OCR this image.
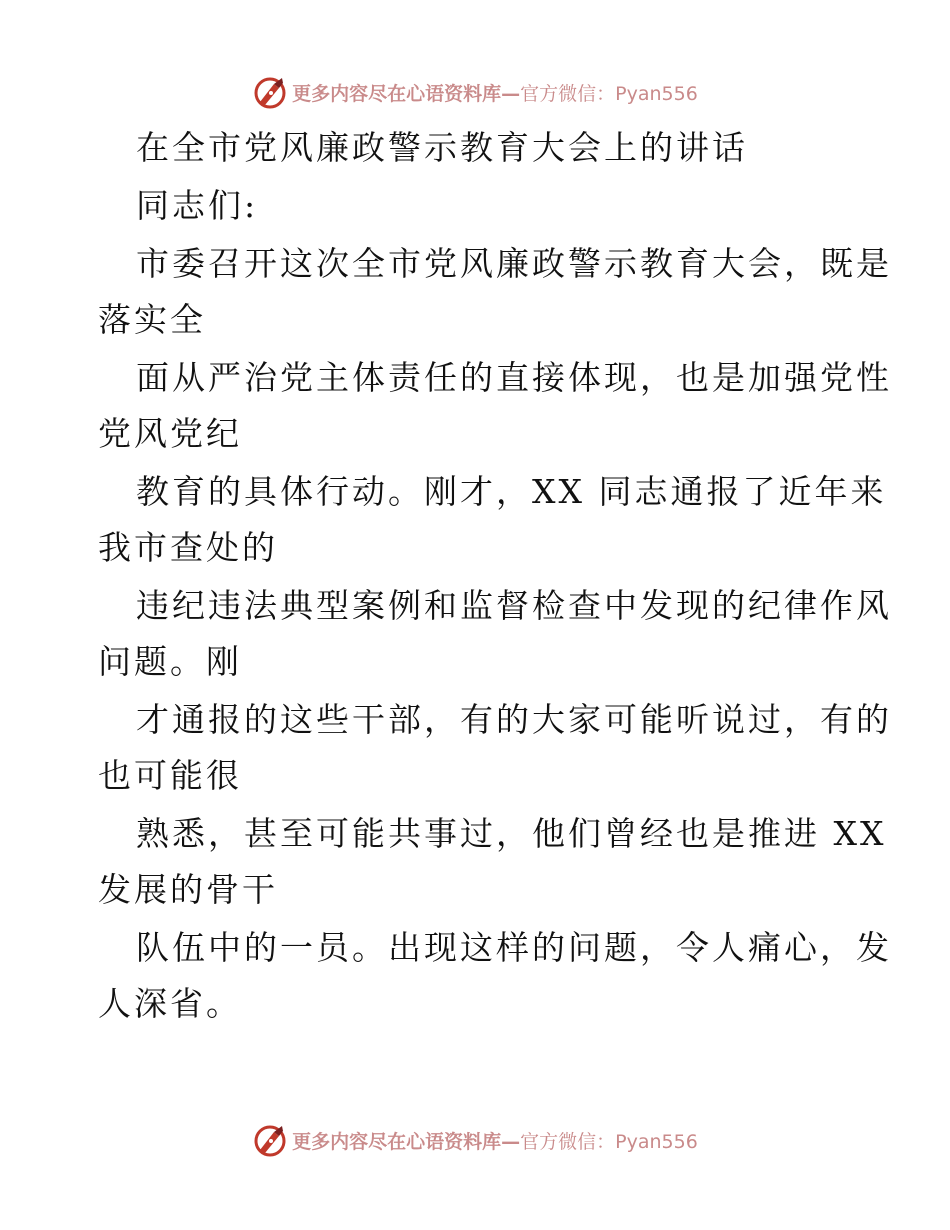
更多内容尽在心语资料库—官方微信：Pyan556
在全市党风廉政警示教育大会上的讲话
同志们:
市委召开这次全市党风廉政警示教育大会，既是
落实全
面从严治党主体责任的直接体现，也是加强党性
党风党纪
教育的具体行动。刚才，XX 同志通报了近年来
我市查处的
违纪违法典型案例和监督检查中发现的纪律作风
问题。刚
才通报的这些干部，有的大家可能听说过，有的
也可能很
熟悉，甚至可能共事过，他们曾经也是推进 XX
发展的骨干
队伍中的一员。出现这样的问题，令人痛心，发
人深省。
更多内容尽在心语资料库—官方微信：Pyan556
